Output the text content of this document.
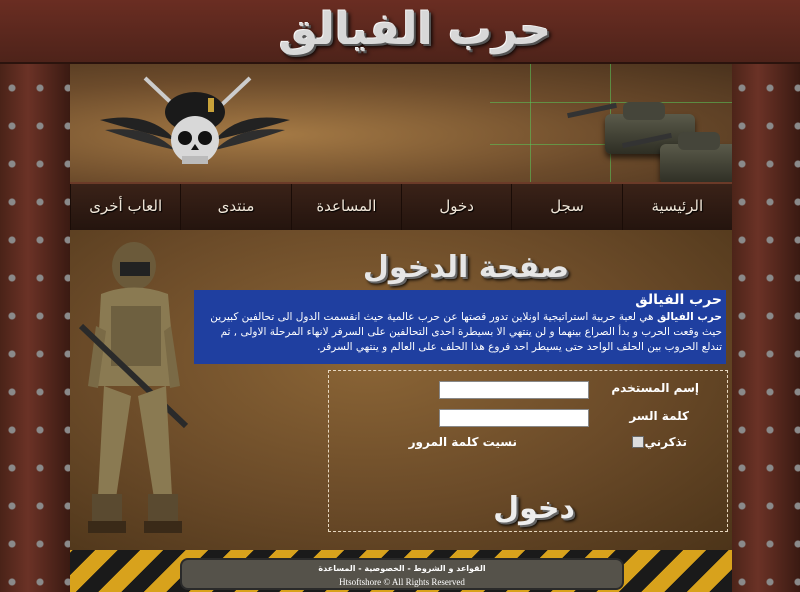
حرب الفيالق
الرئيسية
سجل
دخول
المساعدة
منتدى
العاب أخرى
صفحة الدخول
حرب الفيالق
حرب الفيالق هي لعبة حربية استراتيجية اونلاين تدور قصتها عن حرب عالمية حيث انقسمت الدول الى تحالفين كبيرين حيث وقعت الحرب و بدأ الصراع بينهما و لن ينتهي الا بسيطرة احدى التحالفين على السرفر لانهاء المرحلة الاولى , ثم تندلع الحروب بين الحلف الواحد حتى يسيطر احد فروع هذا الحلف على العالم و ينتهي السرفر.
إسم المستخدم
كلمة السر
تذكرني
نسيت كلمة المرور
دخول
القواعد و الشروط - الخصوصية - المساعدة
Htsoftshore © All Rights Reserved
